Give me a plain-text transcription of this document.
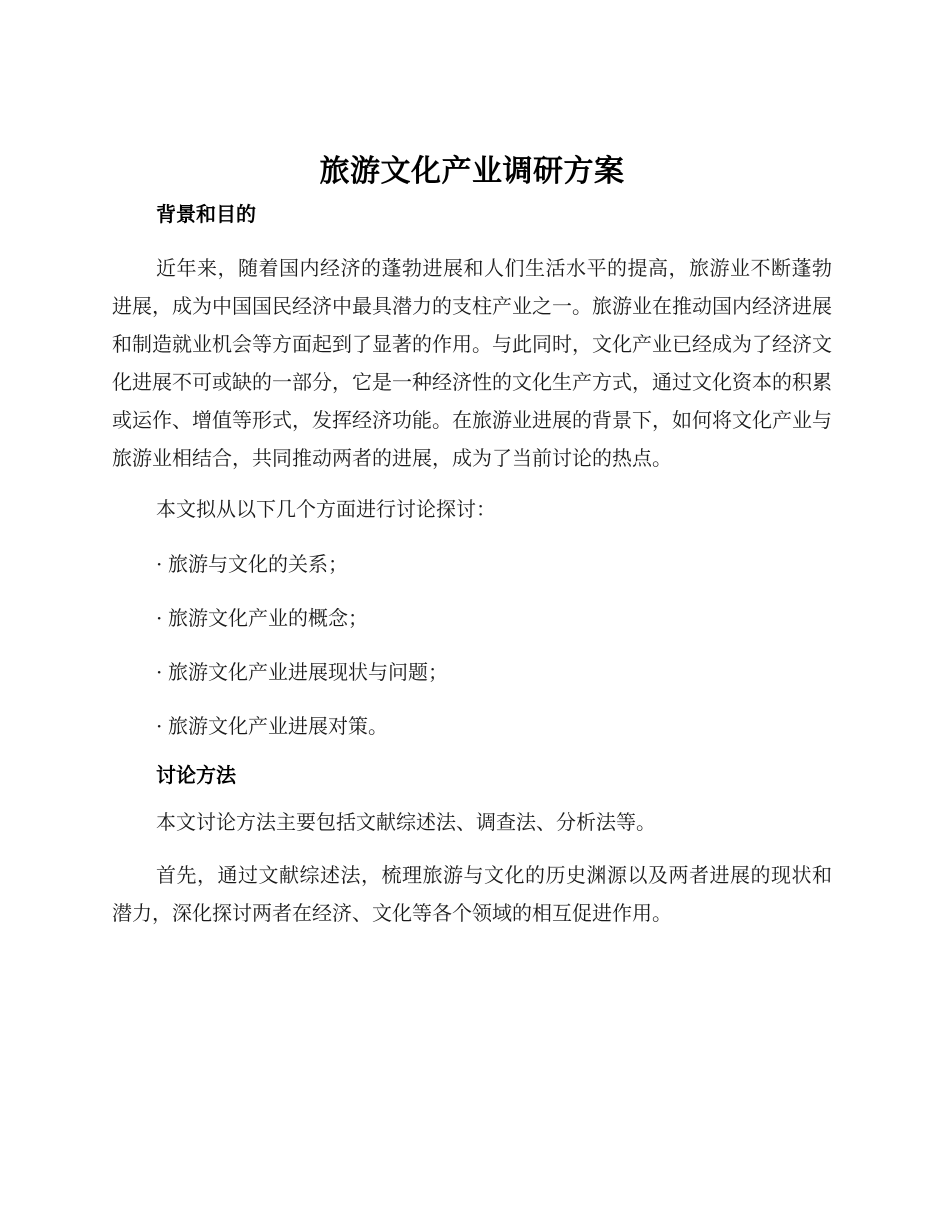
旅游文化产业调研方案
背景和目的

近年来，随着国内经济的蓬勃进展和人们生活水平的提高，旅游业不断蓬勃进展，成为中国国民经济中最具潜力的支柱产业之一。旅游业在推动国内经济进展和制造就业机会等方面起到了显著的作用。与此同时，文化产业已经成为了经济文化进展不可或缺的一部分，它是一种经济性的文化生产方式，通过文化资本的积累或运作、增值等形式，发挥经济功能。在旅游业进展的背景下，如何将文化产业与旅游业相结合，共同推动两者的进展，成为了当前讨论的热点。

本文拟从以下几个方面进行讨论探讨：

· 旅游与文化的关系；
· 旅游文化产业的概念；
· 旅游文化产业进展现状与问题；
· 旅游文化产业进展对策。
讨论方法

本文讨论方法主要包括文献综述法、调查法、分析法等。

首先，通过文献综述法，梳理旅游与文化的历史渊源以及两者进展的现状和潜力，深化探讨两者在经济、文化等各个领域的相互促进作用。
